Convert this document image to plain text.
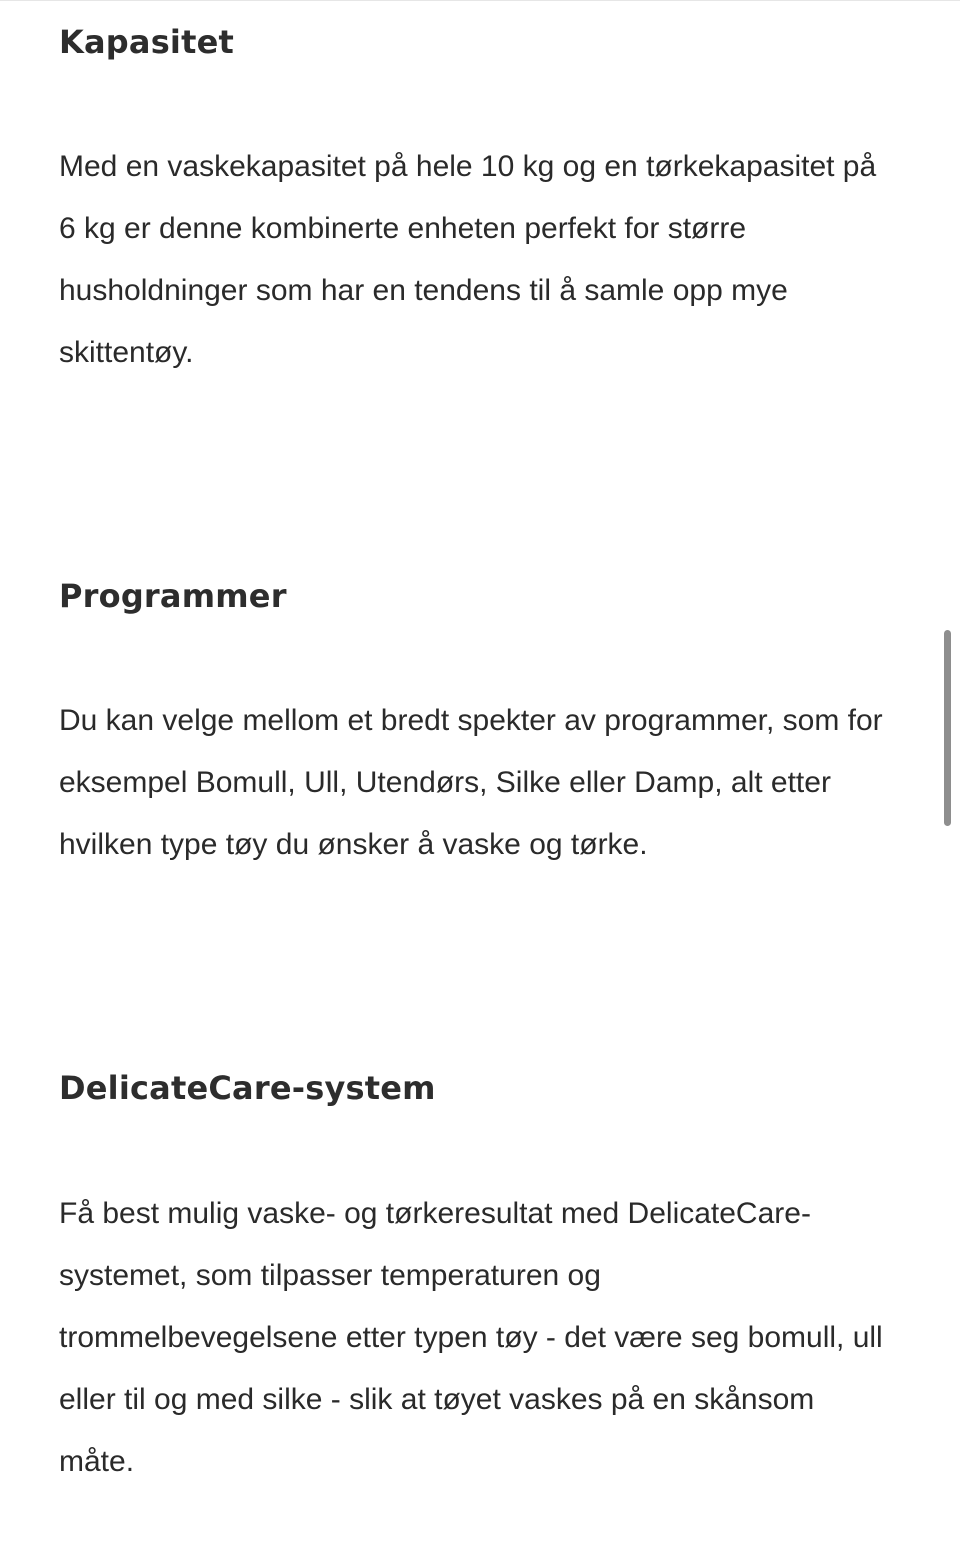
Kapasitet
Med en vaskekapasitet på hele 10 kg og en tørkekapasitet på
6 kg er denne kombinerte enheten perfekt for større
husholdninger som har en tendens til å samle opp mye
skittentøy.
Programmer
Du kan velge mellom et bredt spekter av programmer, som for
eksempel Bomull, Ull, Utendørs, Silke eller Damp, alt etter
hvilken type tøy du ønsker å vaske og tørke.
DelicateCare-system
Få best mulig vaske- og tørkeresultat med DelicateCare-
systemet, som tilpasser temperaturen og
trommelbevegelsene etter typen tøy - det være seg bomull, ull
eller til og med silke - slik at tøyet vaskes på en skånsom
måte.
